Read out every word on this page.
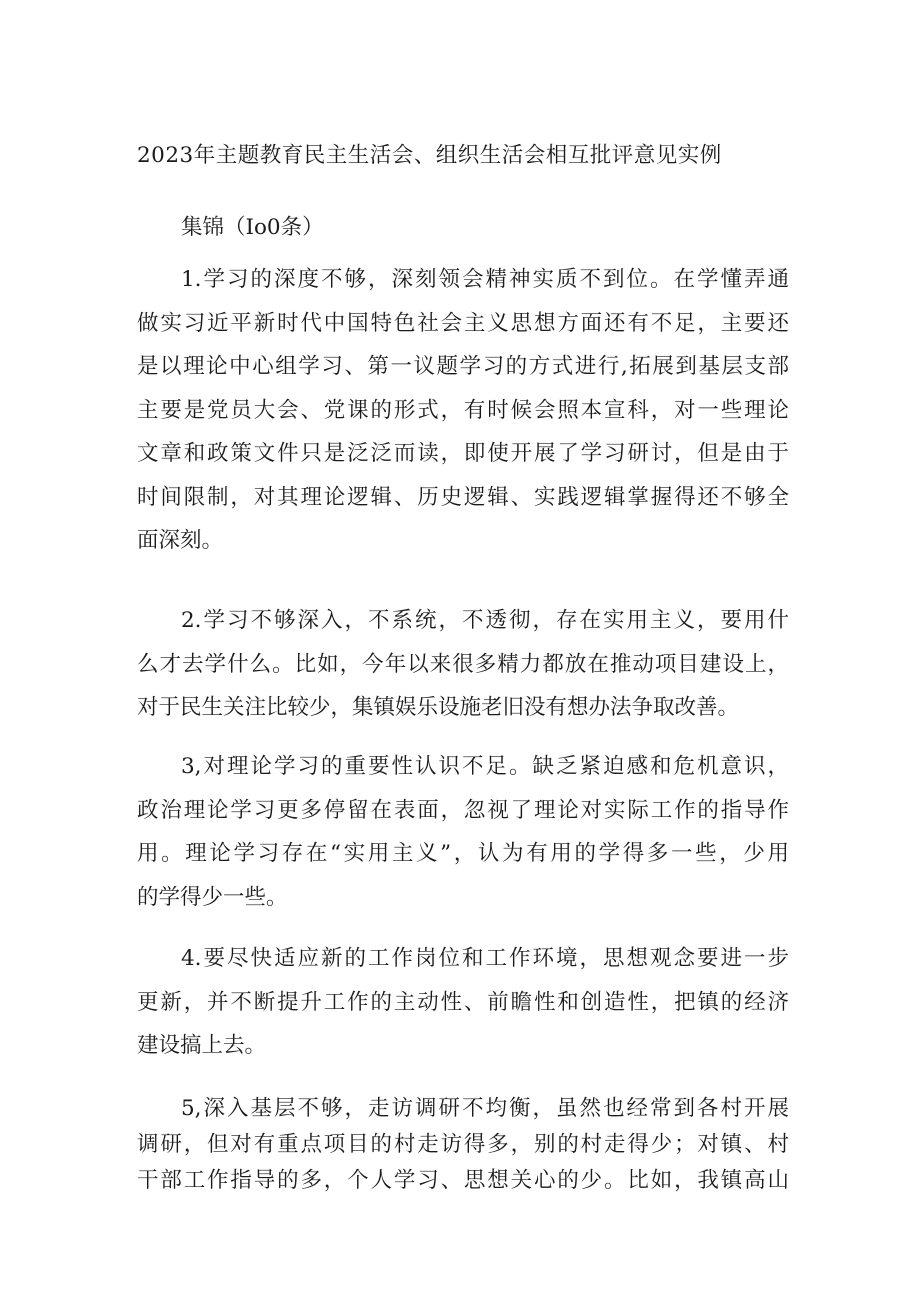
2023年主题教育民主生活会、组织生活会相互批评意见实例

集锦（Io0条）

1.学习的深度不够，深刻领会精神实质不到位。在学懂弄通
做实习近平新时代中国特色社会主义思想方面还有不足，主要还
是以理论中心组学习、第一议题学习的方式进行,拓展到基层支部
主要是党员大会、党课的形式，有时候会照本宣科，对一些理论
文章和政策文件只是泛泛而读，即使开展了学习研讨，但是由于
时间限制，对其理论逻辑、历史逻辑、实践逻辑掌握得还不够全
面深刻。
2.学习不够深入，不系统，不透彻，存在实用主义，要用什
么才去学什么。比如，今年以来很多精力都放在推动项目建设上，
对于民生关注比较少，集镇娱乐设施老旧没有想办法争取改善。
3,对理论学习的重要性认识不足。缺乏紧迫感和危机意识，
政治理论学习更多停留在表面，忽视了理论对实际工作的指导作
用。理论学习存在“实用主义”，认为有用的学得多一些，少用
的学得少一些。
4.要尽快适应新的工作岗位和工作环境，思想观念要进一步
更新，并不断提升工作的主动性、前瞻性和创造性，把镇的经济
建设搞上去。
5,深入基层不够，走访调研不均衡，虽然也经常到各村开展
调研，但对有重点项目的村走访得多，别的村走得少；对镇、村
干部工作指导的多，个人学习、思想关心的少。比如，我镇高山
